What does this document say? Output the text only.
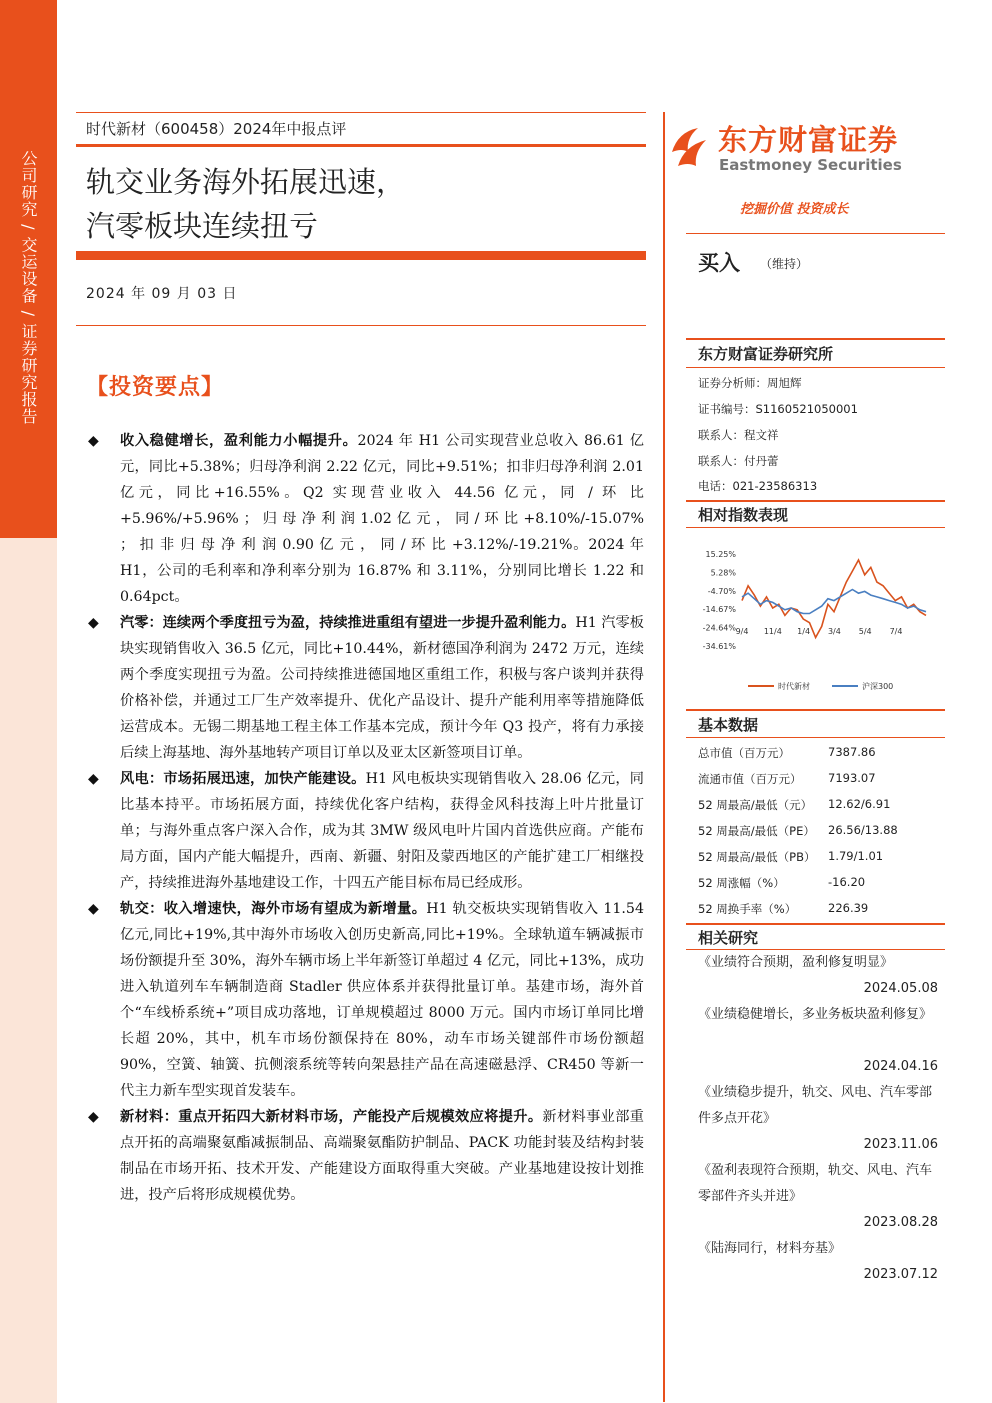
公司研究 / 交运设备 / 证券研究报告
时代新材（600458）2024年中报点评
轨交业务海外拓展迅速，
汽零板块连续扭亏
2024 年 09 月 03 日
【投资要点】
◆ 收入稳健增长，盈利能力小幅提升。2024 年 H1 公司实现营业总收入 86.61 亿元，同比+5.38%；归母净利润 2.22 亿元，同比+9.51%；扣非归母净利润 2.01 亿元，同比+16.55%。Q2 实现营业收入 44.56 亿元，同 / 环 比 +5.96%/+5.96% ； 归 母 净 利 润 1.02 亿 元 ， 同 / 环 比 +8.10%/-15.07% ； 扣 非 归 母 净 利 润 0.90 亿 元 ， 同 / 环 比 +3.12%/-19.21%。2024 年 H1，公司的毛利率和净利率分别为 16.87% 和 3.11%，分别同比增长 1.22 和 0.64pct。
◆ 汽零：连续两个季度扭亏为盈，持续推进重组有望进一步提升盈利能力。H1 汽零板块实现销售收入 36.5 亿元，同比+10.44%，新材德国净利润为 2472 万元，连续两个季度实现扭亏为盈。公司持续推进德国地区重组工作，积极与客户谈判并获得价格补偿，并通过工厂生产效率提升、优化产品设计、提升产能利用率等措施降低运营成本。无锡二期基地工程主体工作基本完成，预计今年 Q3 投产，将有力承接后续上海基地、海外基地转产项目订单以及亚太区新签项目订单。
◆ 风电：市场拓展迅速，加快产能建设。H1 风电板块实现销售收入 28.06 亿元，同比基本持平。市场拓展方面，持续优化客户结构，获得金风科技海上叶片批量订单；与海外重点客户深入合作，成为其 3MW 级风电叶片国内首选供应商。产能布局方面，国内产能大幅提升，西南、新疆、射阳及蒙西地区的产能扩建工厂相继投产，持续推进海外基地建设工作，十四五产能目标布局已经成形。
◆ 轨交：收入增速快，海外市场有望成为新增量。H1 轨交板块实现销售收入 11.54 亿元,同比+19%,其中海外市场收入创历史新高,同比+19%。全球轨道车辆减振市场份额提升至 30%，海外车辆市场上半年新签订单超过 4 亿元，同比+13%，成功进入轨道列车车辆制造商 Stadler 供应体系并获得批量订单。基建市场，海外首个“车线桥系统+”项目成功落地，订单规模超过 8000 万元。国内市场订单同比增长超 20%，其中，机车市场份额保持在 80%，动车市场关键部件市场份额超 90%，空簧、轴簧、抗侧滚系统等转向架悬挂产品在高速磁悬浮、CR450 等新一代主力新车型实现首发装车。
◆ 新材料：重点开拓四大新材料市场，产能投产后规模效应将提升。新材料事业部重点开拓的高端聚氨酯减振制品、高端聚氨酯防护制品、PACK 功能封装及结构封装制品在市场开拓、技术开发、产能建设方面取得重大突破。产业基地建设按计划推进，投产后将形成规模优势。
东方财富证券
Eastmoney Securities
挖掘价值 投资成长
买入 （维持）
东方财富证券研究所
证券分析师：周旭辉
证书编号：S1160521050001
联系人：程文祥
联系人：付丹蕾
电话：021-23586313
相对指数表现
15.25%
5.28%
-4.70%
-14.67%
-24.64%
-34.61%
9/4 11/4 1/4 3/4 5/4 7/4
时代新材	沪深300
基本数据
总市值（百万元）	7387.86
流通市值（百万元） 7193.07
52 周最高/最低（元） 12.62/6.91
52 周最高/最低（PE） 26.56/13.88
52 周最高/最低（PB） 1.79/1.01
52 周涨幅（%）	-16.20
52 周换手率（%）	226.39
相关研究
《业绩符合预期，盈利修复明显》
2024.05.08
《业绩稳健增长，多业务板块盈利修复》
2024.04.16
《业绩稳步提升，轨交、风电、汽车零部件多点开花》
2023.11.06
《盈利表现符合预期，轨交、风电、汽车零部件齐头并进》
2023.08.28
《陆海同行，材料夯基》
2023.07.12
